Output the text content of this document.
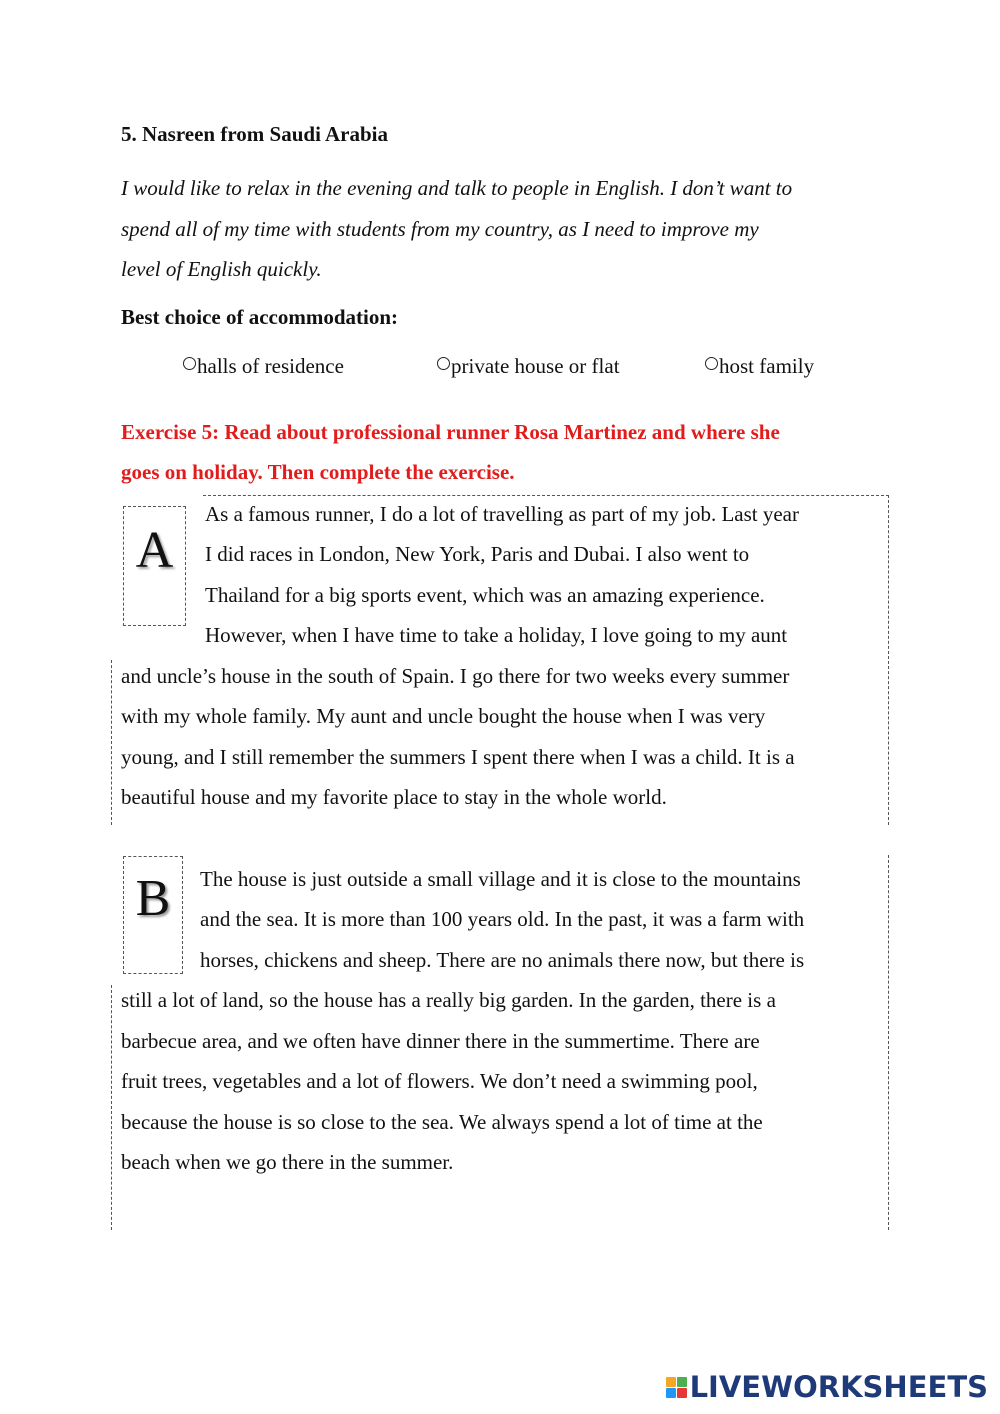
5. Nasreen from Saudi Arabia

I would like to relax in the evening and talk to people in English. I don’t want to

spend all of my time with students from my country, as I need to improve my

level of English quickly.

Best choice of accommodation:
halls of residence	private house or flat	host family
Exercise 5: Read about professional runner Rosa Martinez and where she
goes on holiday. Then complete the exercise.
A
As a famous runner, I do a lot of travelling as part of my job. Last year
I did races in London, New York, Paris and Dubai. I also went to
Thailand for a big sports event, which was an amazing experience.
However, when I have time to take a holiday, I love going to my aunt
and uncle’s house in the south of Spain. I go there for two weeks every summer
with my whole family. My aunt and uncle bought the house when I was very
young, and I still remember the summers I spent there when I was a child. It is a
beautiful house and my favorite place to stay in the whole world.
B	The house is just outside a small village and it is close to the mountains
and the sea. It is more than 100 years old. In the past, it was a farm with
horses, chickens and sheep. There are no animals there now, but there is
still a lot of land, so the house has a really big garden. In the garden, there is a
barbecue area, and we often have dinner there in the summertime. There are
fruit trees, vegetables and a lot of flowers. We don’t need a swimming pool,
because the house is so close to the sea. We always spend a lot of time at the
beach when we go there in the summer.
LIVEWORKSHEETS
